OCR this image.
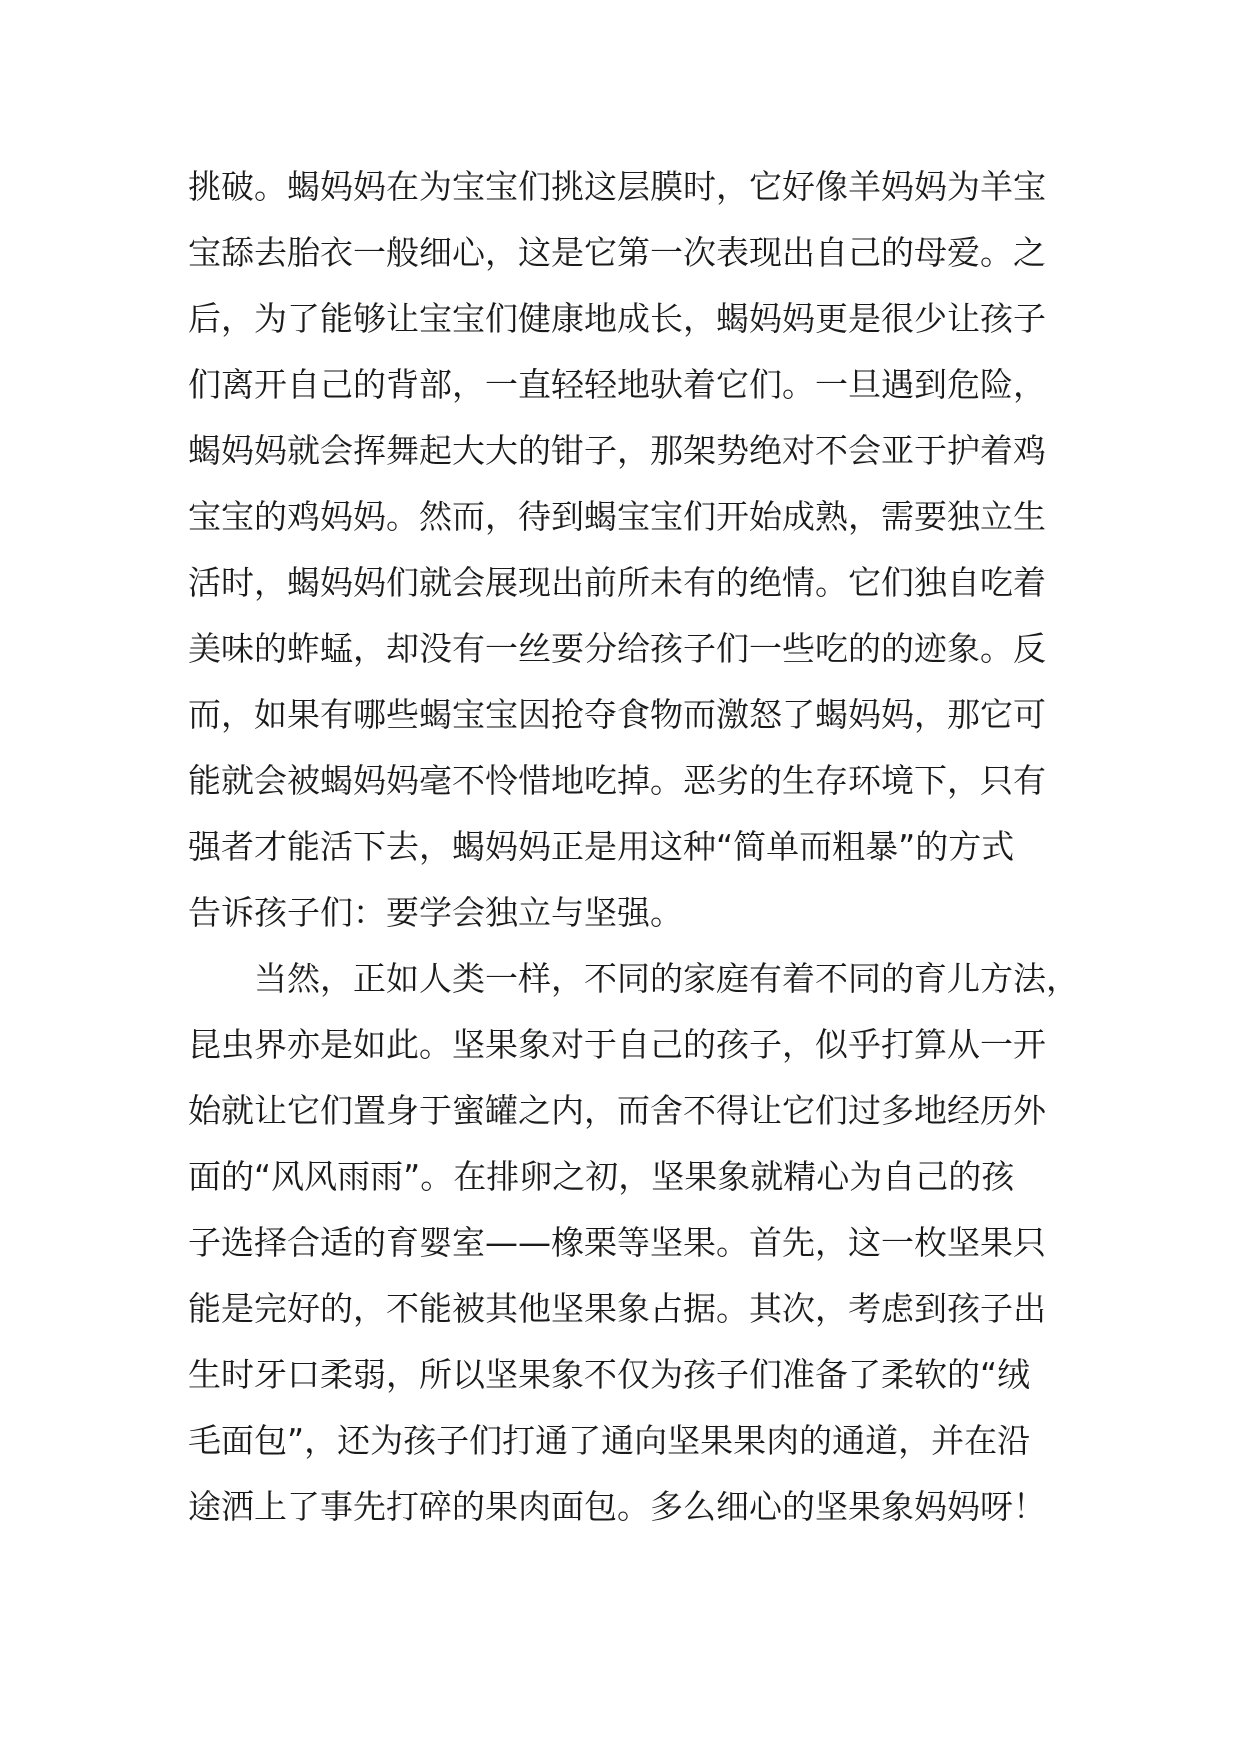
挑破。蝎妈妈在为宝宝们挑这层膜时，它好像羊妈妈为羊宝
宝舔去胎衣一般细心，这是它第一次表现出自己的母爱。之
后，为了能够让宝宝们健康地成长，蝎妈妈更是很少让孩子
们离开自己的背部，一直轻轻地驮着它们。一旦遇到危险，
蝎妈妈就会挥舞起大大的钳子，那架势绝对不会亚于护着鸡
宝宝的鸡妈妈。然而，待到蝎宝宝们开始成熟，需要独立生
活时，蝎妈妈们就会展现出前所未有的绝情。它们独自吃着
美味的蚱蜢，却没有一丝要分给孩子们一些吃的的迹象。反
而，如果有哪些蝎宝宝因抢夺食物而激怒了蝎妈妈，那它可
能就会被蝎妈妈毫不怜惜地吃掉。恶劣的生存环境下，只有
强者才能活下去，蝎妈妈正是用这种“简单而粗暴”的方式
告诉孩子们：要学会独立与坚强。
当然，正如人类一样，不同的家庭有着不同的育儿方法，
昆虫界亦是如此。坚果象对于自己的孩子，似乎打算从一开
始就让它们置身于蜜罐之内，而舍不得让它们过多地经历外
面的“风风雨雨”。在排卵之初，坚果象就精心为自己的孩
子选择合适的育婴室——橡栗等坚果。首先，这一枚坚果只
能是完好的，不能被其他坚果象占据。其次，考虑到孩子出
生时牙口柔弱，所以坚果象不仅为孩子们准备了柔软的“绒
毛面包”，还为孩子们打通了通向坚果果肉的通道，并在沿
途洒上了事先打碎的果肉面包。多么细心的坚果象妈妈呀！
